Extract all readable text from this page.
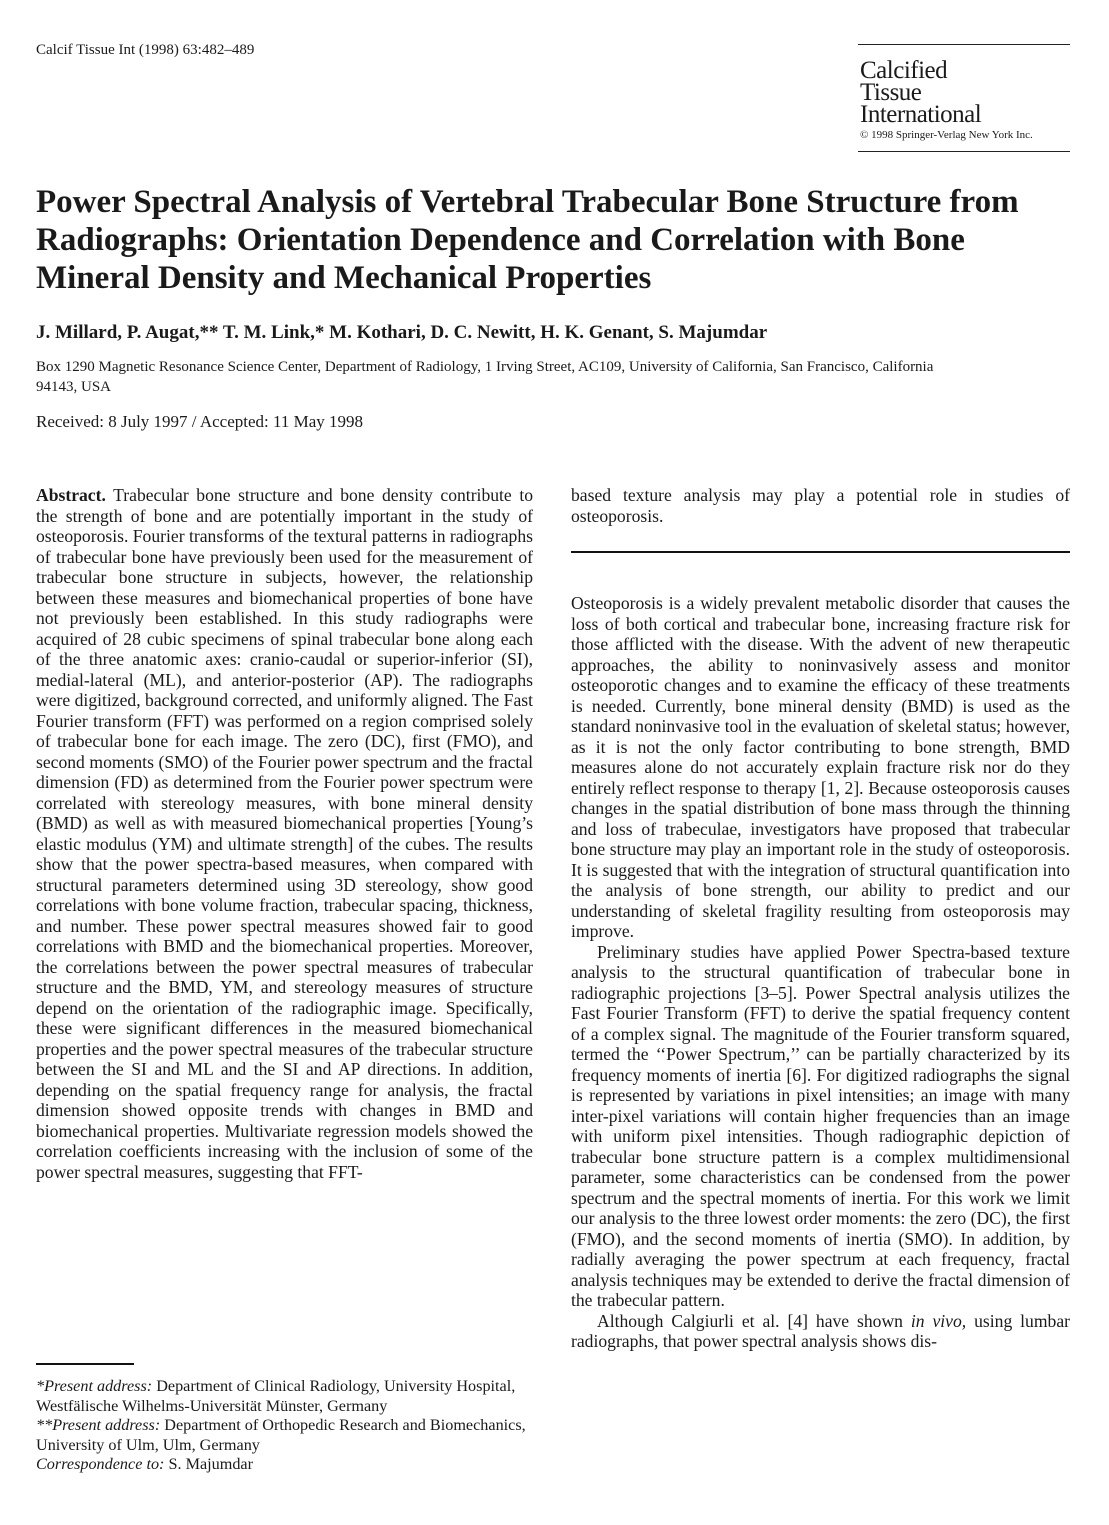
Calcif Tissue Int (1998) 63:482–489
Calcified
Tissue
International
© 1998 Springer-Verlag New York Inc.
Power Spectral Analysis of Vertebral Trabecular Bone Structure from Radiographs: Orientation Dependence and Correlation with Bone Mineral Density and Mechanical Properties
J. Millard, P. Augat,** T. M. Link,* M. Kothari, D. C. Newitt, H. K. Genant, S. Majumdar
Box 1290 Magnetic Resonance Science Center, Department of Radiology, 1 Irving Street, AC109, University of California, San Francisco, California 94143, USA
Received: 8 July 1997 / Accepted: 11 May 1998

Abstract. Trabecular bone structure and bone density contribute to the strength of bone and are potentially important in the study of osteoporosis. Fourier transforms of the textural patterns in radiographs of trabecular bone have previously been used for the measurement of trabecular bone structure in subjects, however, the relationship between these measures and biomechanical properties of bone have not previously been established. In this study radiographs were acquired of 28 cubic specimens of spinal trabecular bone along each of the three anatomic axes: cranio-caudal or superior-inferior (SI), medial-lateral (ML), and anterior-posterior (AP). The radiographs were digitized, background corrected, and uniformly aligned. The Fast Fourier transform (FFT) was performed on a region comprised solely of trabecular bone for each image. The zero (DC), first (FMO), and second moments (SMO) of the Fourier power spectrum and the fractal dimension (FD) as determined from the Fourier power spectrum were correlated with stereology measures, with bone mineral density (BMD) as well as with measured biomechanical properties [Young’s elastic modulus (YM) and ultimate strength] of the cubes. The results show that the power spectra-based measures, when compared with structural parameters determined using 3D stereology, show good correlations with bone volume fraction, trabecular spacing, thickness, and number. These power spectral measures showed fair to good correlations with BMD and the biomechanical properties. Moreover, the correlations between the power spectral measures of trabecular structure and the BMD, YM, and stereology measures of structure depend on the orientation of the radiographic image. Specifically, these were significant differences in the measured biomechanical properties and the power spectral measures of the trabecular structure between the SI and ML and the SI and AP directions. In addition, depending on the spatial frequency range for analysis, the fractal dimension showed opposite trends with changes in BMD and biomechanical properties. Multivariate regression models showed the correlation coefficients increasing with the inclusion of some of the power spectral measures, suggesting that FFT-

based texture analysis may play a potential role in studies of osteoporosis.

Osteoporosis is a widely prevalent metabolic disorder that causes the loss of both cortical and trabecular bone, increasing fracture risk for those afflicted with the disease. With the advent of new therapeutic approaches, the ability to noninvasively assess and monitor osteoporotic changes and to examine the efficacy of these treatments is needed. Currently, bone mineral density (BMD) is used as the standard noninvasive tool in the evaluation of skeletal status; however, as it is not the only factor contributing to bone strength, BMD measures alone do not accurately explain fracture risk nor do they entirely reflect response to therapy [1, 2]. Because osteoporosis causes changes in the spatial distribution of bone mass through the thinning and loss of trabeculae, investigators have proposed that trabecular bone structure may play an important role in the study of osteoporosis. It is suggested that with the integration of structural quantification into the analysis of bone strength, our ability to predict and our understanding of skeletal fragility resulting from osteoporosis may improve.

Preliminary studies have applied Power Spectra-based texture analysis to the structural quantification of trabecular bone in radiographic projections [3–5]. Power Spectral analysis utilizes the Fast Fourier Transform (FFT) to derive the spatial frequency content of a complex signal. The magnitude of the Fourier transform squared, termed the ‘‘Power Spectrum,’’ can be partially characterized by its frequency moments of inertia [6]. For digitized radiographs the signal is represented by variations in pixel intensities; an image with many inter-pixel variations will contain higher frequencies than an image with uniform pixel intensities. Though radiographic depiction of trabecular bone structure pattern is a complex multidimensional parameter, some characteristics can be condensed from the power spectrum and the spectral moments of inertia. For this work we limit our analysis to the three lowest order moments: the zero (DC), the first (FMO), and the second moments of inertia (SMO). In addition, by radially averaging the power spectrum at each frequency, fractal analysis techniques may be extended to derive the fractal dimension of the trabecular pattern.

Although Calgiurli et al. [4] have shown in vivo, using lumbar radiographs, that power spectral analysis shows dis-

*Present address: Department of Clinical Radiology, University Hospital, Westfälische Wilhelms-Universität Münster, Germany

**Present address: Department of Orthopedic Research and Biomechanics, University of Ulm, Ulm, Germany

Correspondence to: S. Majumdar
